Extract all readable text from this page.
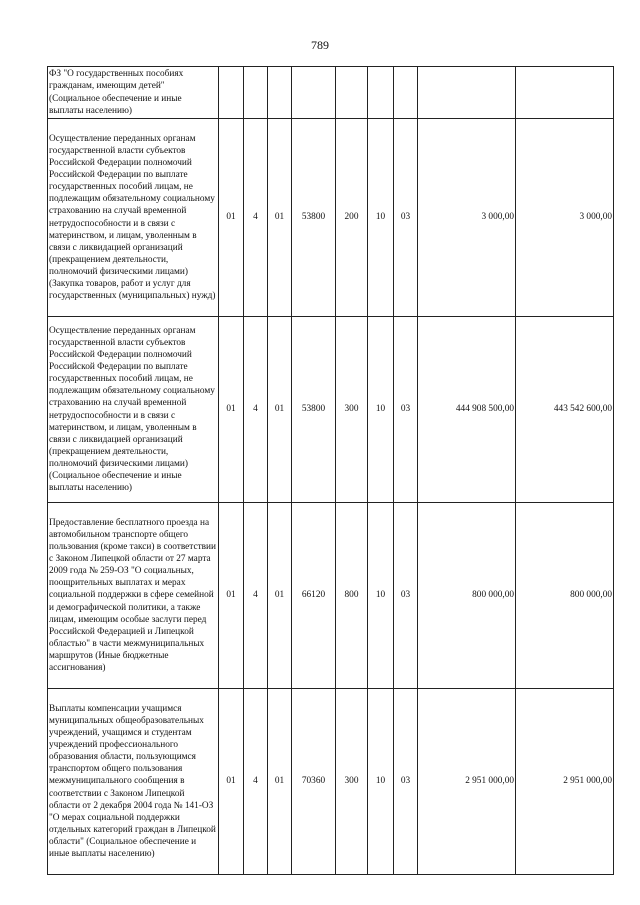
789
ФЗ "О государственных пособиях гражданам, имеющим детей" (Социальное обеспечение и иные выплаты населению)									
Осуществление переданных органам государственной власти субъектов Российской Федерации полномочий Российской Федерации по выплате государственных пособий лицам, не подлежащим обязательному социальному страхованию на случай временной нетрудоспособности и в связи с материнством, и лицам, уволенным в связи с ликвидацией организаций (прекращением деятельности, полномочий физическими лицами) (Закупка товаров, работ и услуг для государственных (муниципальных) нужд)	01	4	01	53800	200	10	03	3 000,00	3 000,00
Осуществление переданных органам государственной власти субъектов Российской Федерации полномочий Российской Федерации по выплате государственных пособий лицам, не подлежащим обязательному социальному страхованию на случай временной нетрудоспособности и в связи с материнством, и лицам, уволенным в связи с ликвидацией организаций (прекращением деятельности, полномочий физическими лицами) (Социальное обеспечение и иные выплаты населению)	01	4	01	53800	300	10	03	444 908 500,00	443 542 600,00
Предоставление бесплатного проезда на автомобильном транспорте общего пользования (кроме такси) в соответствии с Законом Липецкой области от 27 марта 2009 года № 259-ОЗ "О социальных, поощрительных выплатах и мерах социальной поддержки в сфере семейной и демографической политики, а также лицам, имеющим особые заслуги перед Российской Федерацией и Липецкой областью" в части межмуниципальных маршрутов (Иные бюджетные ассигнования)	01	4	01	66120	800	10	03	800 000,00	800 000,00
Выплаты компенсации учащимся муниципальных общеобразовательных учреждений, учащимся и студентам учреждений профессионального образования области, пользующимся транспортом общего пользования межмуниципального сообщения в соответствии с Законом Липецкой области от 2 декабря 2004 года № 141-ОЗ "О мерах социальной поддержки отдельных категорий граждан в Липецкой области" (Социальное обеспечение и иные выплаты населению)	01	4	01	70360	300	10	03	2 951 000,00	2 951 000,00
